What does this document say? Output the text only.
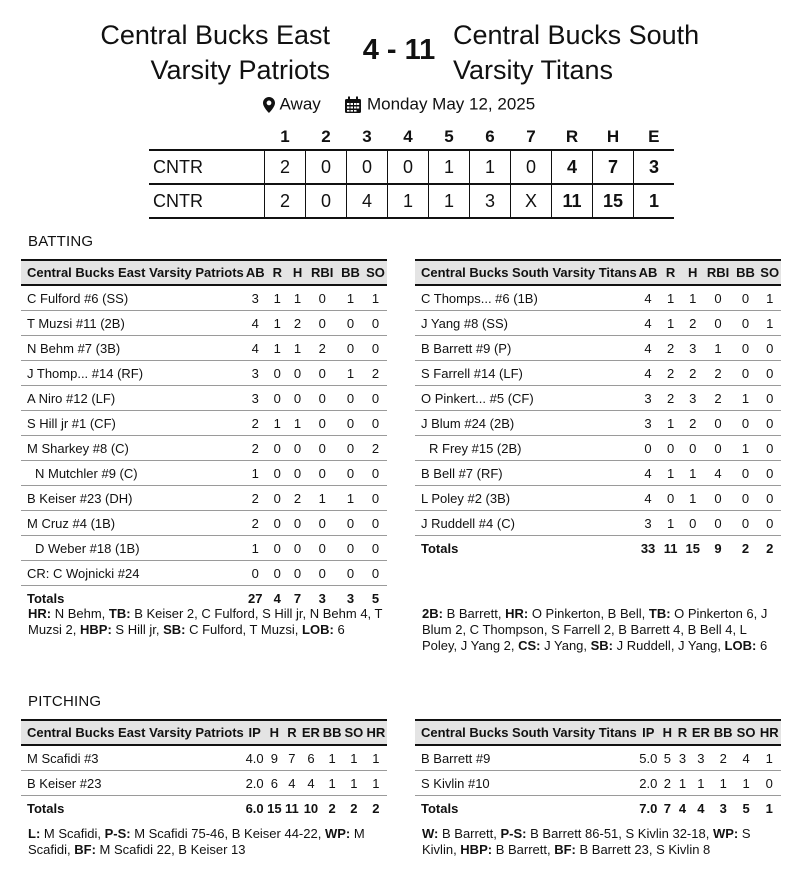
Central Bucks East
Varsity Patriots
4 - 11 Central Bucks South
Varsity Titans
Away	Monday May 12, 2025
	1	2	3	4	5	6	7	R	H	E
CNTR	2	0	0	0	1	1	0	4	7	3
CNTR	2	0	4	1	1	3	X	11	15	1
BATTING
Central Bucks East Varsity Patriots	AB	R	H	RBI	BB	SO
C Fulford #6 (SS)	3	1	1	0	1	1
T Muzsi #11 (2B)	4	1	2	0	0	0
N Behm #7 (3B)	4	1	1	2	0	0
J Thomp... #14 (RF)	3	0	0	0	1	2
A Niro #12 (LF)	3	0	0	0	0	0
S Hill jr #1 (CF)	2	1	1	0	0	0
M Sharkey #8 (C)	2	0	0	0	0	2
N Mutchler #9 (C)	1	0	0	0	0	0
B Keiser #23 (DH)	2	0	2	1	1	0
M Cruz #4 (1B)	2	0	0	0	0	0
D Weber #18 (1B)	1	0	0	0	0	0
CR: C Wojnicki #24	0	0	0	0	0	0
Totals	27	4	7	3	3	5
HR: N Behm, TB: B Keiser 2, C Fulford, S Hill jr, N Behm 4, T Muzsi 2, HBP: S Hill jr, SB: C Fulford, T Muzsi, LOB: 6
Central Bucks South Varsity Titans	AB	R	H	RBI	BB	SO
C Thomps... #6 (1B)	4	1	1	0	0	1
J Yang #8 (SS)	4	1	2	0	0	1
B Barrett #9 (P)	4	2	3	1	0	0
S Farrell #14 (LF)	4	2	2	2	0	0
O Pinkert... #5 (CF)	3	2	3	2	1	0
J Blum #24 (2B)	3	1	2	0	0	0
R Frey #15 (2B)	0	0	0	0	1	0
B Bell #7 (RF)	4	1	1	4	0	0
L Poley #2 (3B)	4	0	1	0	0	0
J Ruddell #4 (C)	3	1	0	0	0	0
Totals	33	11	15	9	2	2
2B: B Barrett, HR: O Pinkerton, B Bell, TB: O Pinkerton 6, J Blum 2, C Thompson, S Farrell 2, B Barrett 4, B Bell 4, L Poley, J Yang 2, CS: J Yang, SB: J Ruddell, J Yang, LOB: 6
PITCHING
Central Bucks East Varsity Patriots	IP	H	R	ER	BB	SO	HR
M Scafidi #3	4.0	9	7	6	1	1	1
B Keiser #23	2.0	6	4	4	1	1	1
Totals	6.0	15	11	10	2	2	2
L: M Scafidi, P-S: M Scafidi 75-46, B Keiser 44-22, WP: M Scafidi, BF: M Scafidi 22, B Keiser 13
Central Bucks South Varsity Titans	IP	H	R	ER	BB	SO	HR
B Barrett #9	5.0	5	3	3	2	4	1
S Kivlin #10	2.0	2	1	1	1	1	0
Totals	7.0	7	4	4	3	5	1
W: B Barrett, P-S: B Barrett 86-51, S Kivlin 32-18, WP: S Kivlin, HBP: B Barrett, BF: B Barrett 23, S Kivlin 8
